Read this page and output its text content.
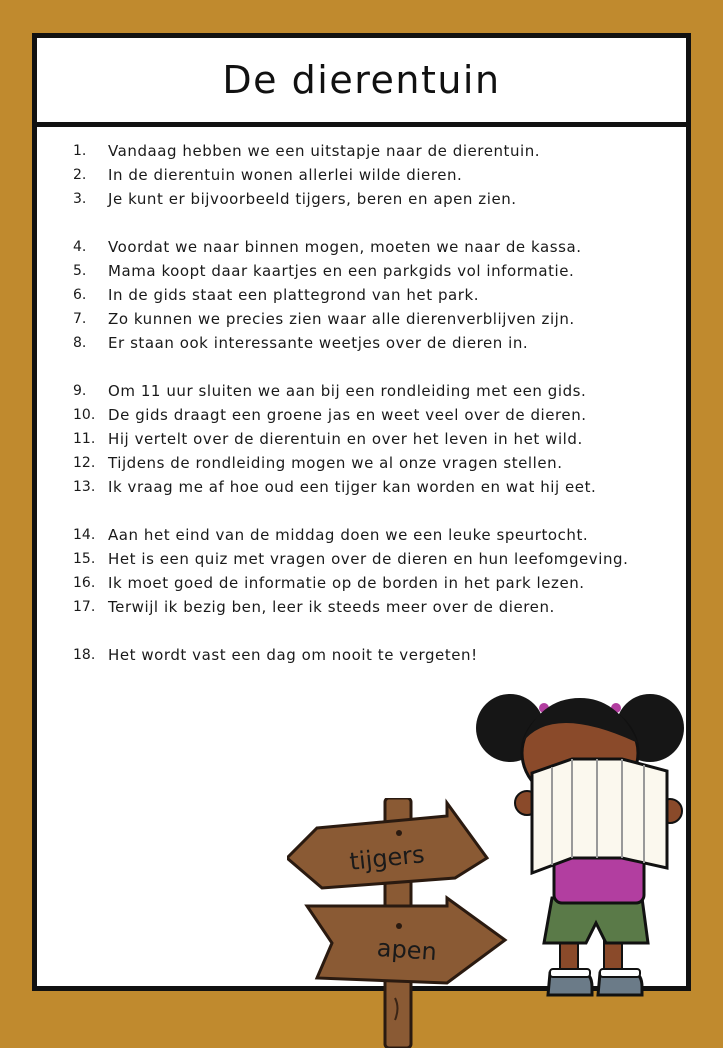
De dierentuin
1.	Vandaag hebben we een uitstapje naar de dierentuin.
2.	In de dierentuin wonen allerlei wilde dieren.
3.	Je kunt er bijvoorbeeld tijgers, beren en apen zien.
4.	Voordat we naar binnen mogen, moeten we naar de kassa.
5.	Mama koopt daar kaartjes en een parkgids vol informatie.
6.	In de gids staat een plattegrond van het park.
7.	Zo kunnen we precies zien waar alle dierenverblijven zijn.
8.	Er staan ook interessante weetjes over de dieren in.
9.	Om 11 uur sluiten we aan bij een rondleiding met een gids.
10. De gids draagt een groene jas en weet veel over de dieren.
11. Hij vertelt over de dierentuin en over het leven in het wild.
12. Tijdens de rondleiding mogen we al onze vragen stellen.
13. Ik vraag me af hoe oud een tijger kan worden en wat hij eet.
14. Aan het eind van de middag doen we een leuke speurtocht.
15. Het is een quiz met vragen over de dieren en hun leefomgeving.
16. Ik moet goed de informatie op de borden in het park lezen.
17. Terwijl ik bezig ben, leer ik steeds meer over de dieren.
18. Het wordt vast een dag om nooit te vergeten!
tijgers
apen
